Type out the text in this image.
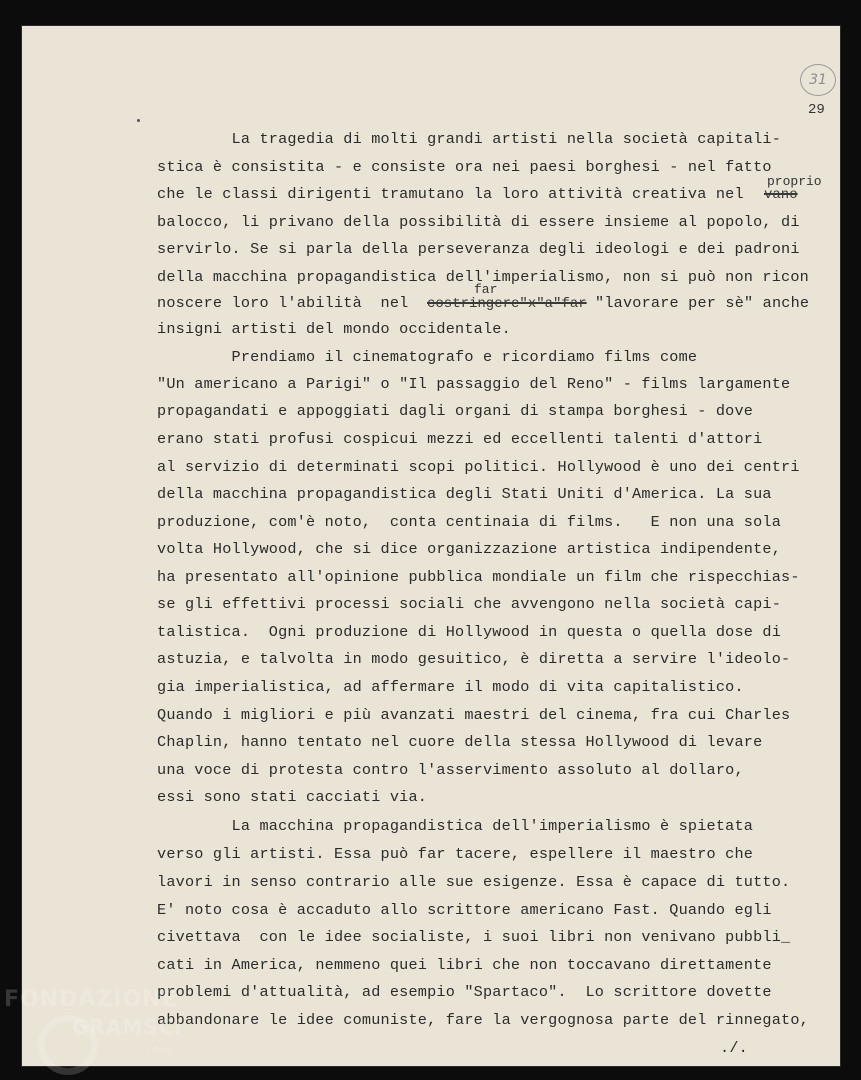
31
29
La tragedia di molti grandi artisti nella società capitali-
stica è consistita - e consiste ora nei paesi borghesi - nel fatto
che le classi dirigenti tramutano la loro attività creativa nel
balocco, li privano della possibilità di essere insieme al popolo, di
servirlo. Se si parla della perseveranza degli ideologi e dei padroni
della macchina propagandistica dell'imperialismo, non si può non ricon
noscere loro l'abilità  nel	"lavorare per sè" anche
insigni artisti del mondo occidentale.
Prendiamo il cinematografo e ricordiamo films come
"Un americano a Parigi" o "Il passaggio del Reno" - films largamente
propagandati e appoggiati dagli organi di stampa borghesi - dove
erano stati profusi cospicui mezzi ed eccellenti talenti d'attori
al servizio di determinati scopi politici. Hollywood è uno dei centri
della macchina propagandistica degli Stati Uniti d'America. La sua
produzione, com'è noto,  conta centinaia di films.   E non una sola
volta Hollywood, che si dice organizzazione artistica indipendente,
ha presentato all'opinione pubblica mondiale un film che rispecchias-
se gli effettivi processi sociali che avvengono nella società capi-
talistica.  Ogni produzione di Hollywood in questa o quella dose di
astuzia, e talvolta in modo gesuitico, è diretta a servire l'ideolo-
gia imperialistica, ad affermare il modo di vita capitalistico.
Quando i migliori e più avanzati maestri del cinema, fra cui Charles
Chaplin, hanno tentato nel cuore della stessa Hollywood di levare
una voce di protesta contro l'asservimento assoluto al dollaro,
essi sono stati cacciati via.
La macchina propagandistica dell'imperialismo è spietata
verso gli artisti. Essa può far tacere, espellere il maestro che
lavori in senso contrario alle sue esigenze. Essa è capace di tutto.
E' noto cosa è accaduto allo scrittore americano Fast. Quando egli
civettava  con le idee socialiste, i suoi libri non venivano pubbli_
cati in America, nemmeno quei libri che non toccavano direttamente
problemi d'attualità, ad esempio "Spartaco".  Lo scrittore dovette
abbandonare le idee comuniste, fare la vergognosa parte del rinnegato,
./.
proprio
vano
far
costringere"x"a"far
